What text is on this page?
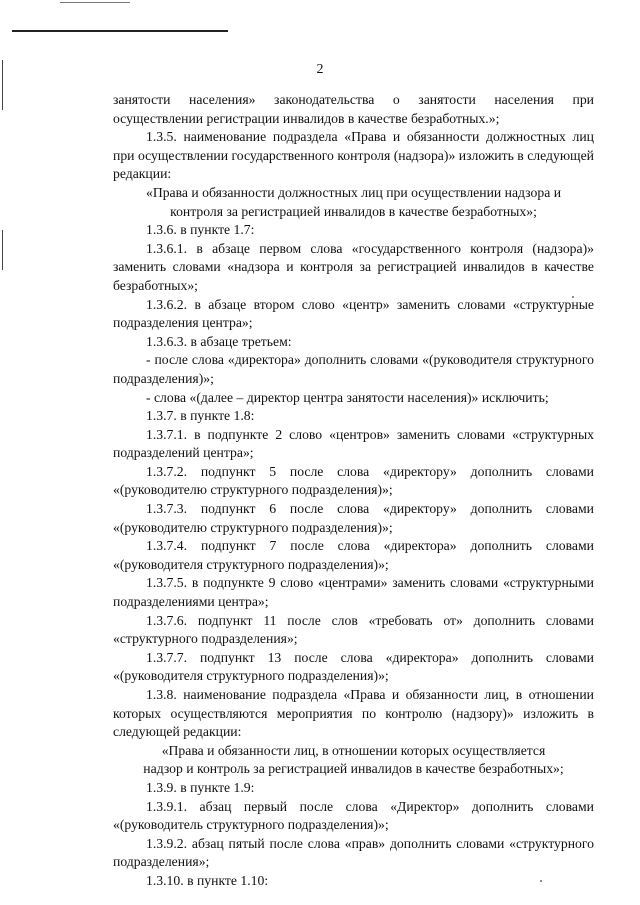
2

занятости населения» законодательства о занятости населения при осуществлении регистрации инвалидов в качестве безработных.»;

1.3.5. наименование подраздела «Права и обязанности должностных лиц при осуществлении государственного контроля (надзора)» изложить в следующей редакции:

«Права и обязанности должностных лиц при осуществлении надзора и контроля за регистрацией инвалидов в качестве безработных»;

1.3.6. в пункте 1.7:

1.3.6.1. в абзаце первом слова «государственного контроля (надзора)» заменить словами «надзора и контроля за регистрацией инвалидов в качестве безработных»;

1.3.6.2. в абзаце втором слово «центр» заменить словами «структурные подразделения центра»;

1.3.6.3. в абзаце третьем:

- после слова «директора» дополнить словами «(руководителя структурного подразделения)»;

- слова «(далее – директор центра занятости населения)» исключить;

1.3.7. в пункте 1.8:

1.3.7.1. в подпункте 2 слово «центров» заменить словами «структурных подразделений центра»;

1.3.7.2. подпункт 5 после слова «директору» дополнить словами «(руководителю структурного подразделения)»;

1.3.7.3. подпункт 6 после слова «директору» дополнить словами «(руководителю структурного подразделения)»;

1.3.7.4. подпункт 7 после слова «директора» дополнить словами «(руководителя структурного подразделения)»;

1.3.7.5. в подпункте 9 слово «центрами» заменить словами «структурными подразделениями центра»;

1.3.7.6. подпункт 11 после слов «требовать от» дополнить словами «структурного подразделения»;

1.3.7.7. подпункт 13 после слова «директора» дополнить словами «(руководителя структурного подразделения)»;

1.3.8. наименование подраздела «Права и обязанности лиц, в отношении которых осуществляются мероприятия по контролю (надзору)» изложить в следующей редакции:

«Права и обязанности лиц, в отношении которых осуществляется надзор и контроль за регистрацией инвалидов в качестве безработных»;

1.3.9. в пункте 1.9:

1.3.9.1. абзац первый после слова «Директор» дополнить словами «(руководитель структурного подразделения)»;

1.3.9.2. абзац пятый после слова «прав» дополнить словами «структурного подразделения»;

1.3.10. в пункте 1.10:
